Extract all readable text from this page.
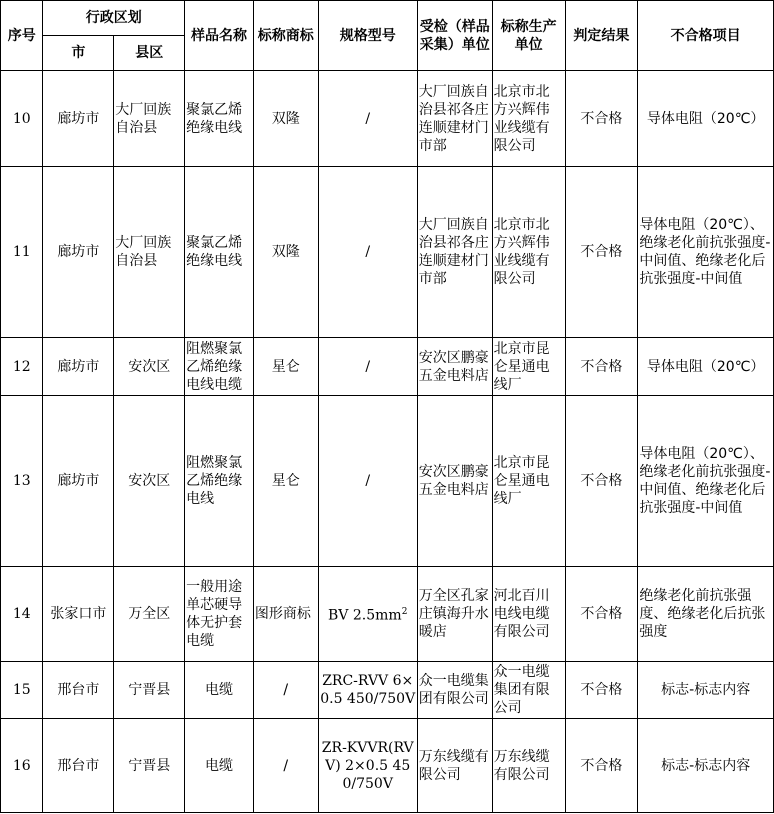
序号	行政区划		样品名称	标称商标	规格型号	受检（样品采集）单位	标称生产单位	判定结果	不合格项目
	市	县区							
10	廊坊市	大厂回族自治县	聚氯乙烯绝缘电线	双隆	/	大厂回族自治县祁各庄连顺建材门市部	北京市北方兴辉伟业线缆有限公司	不合格	导体电阻（20℃）
11	廊坊市	大厂回族自治县	聚氯乙烯绝缘电线	双隆	/	大厂回族自治县祁各庄连顺建材门市部	北京市北方兴辉伟业线缆有限公司	不合格	导体电阻（20℃）、绝缘老化前抗张强度-中间值、绝缘老化后抗张强度-中间值
12	廊坊市	安次区	阻燃聚氯乙烯绝缘电线电缆	星仑	/	安次区鹏豪五金电料店	北京市昆仑星通电线厂	不合格	导体电阻（20℃）
13	廊坊市	安次区	阻燃聚氯乙烯绝缘电线	星仑	/	安次区鹏豪五金电料店	北京市昆仑星通电线厂	不合格	导体电阻（20℃）、绝缘老化前抗张强度-中间值、绝缘老化后抗张强度-中间值
14	张家口市	万全区	一般用途单芯硬导体无护套电缆	图形商标	BV $2.5mm^2$	万全区孔家庄镇海升水暖店	河北百川电线电缆有限公司	不合格	绝缘老化前抗张强度、绝缘老化后抗张强度
15	邢台市	宁晋县	电缆	/	ZRC-RVV 6×0.5 450/750V	众一电缆集团有限公司	众一电缆集团有限公司	不合格	标志-标志内容
16	邢台市	宁晋县	电缆	/	ZR-KVVR(RVV) 2×0.5 450/750V	万东线缆有限公司	万东线缆有限公司	不合格	标志-标志内容
